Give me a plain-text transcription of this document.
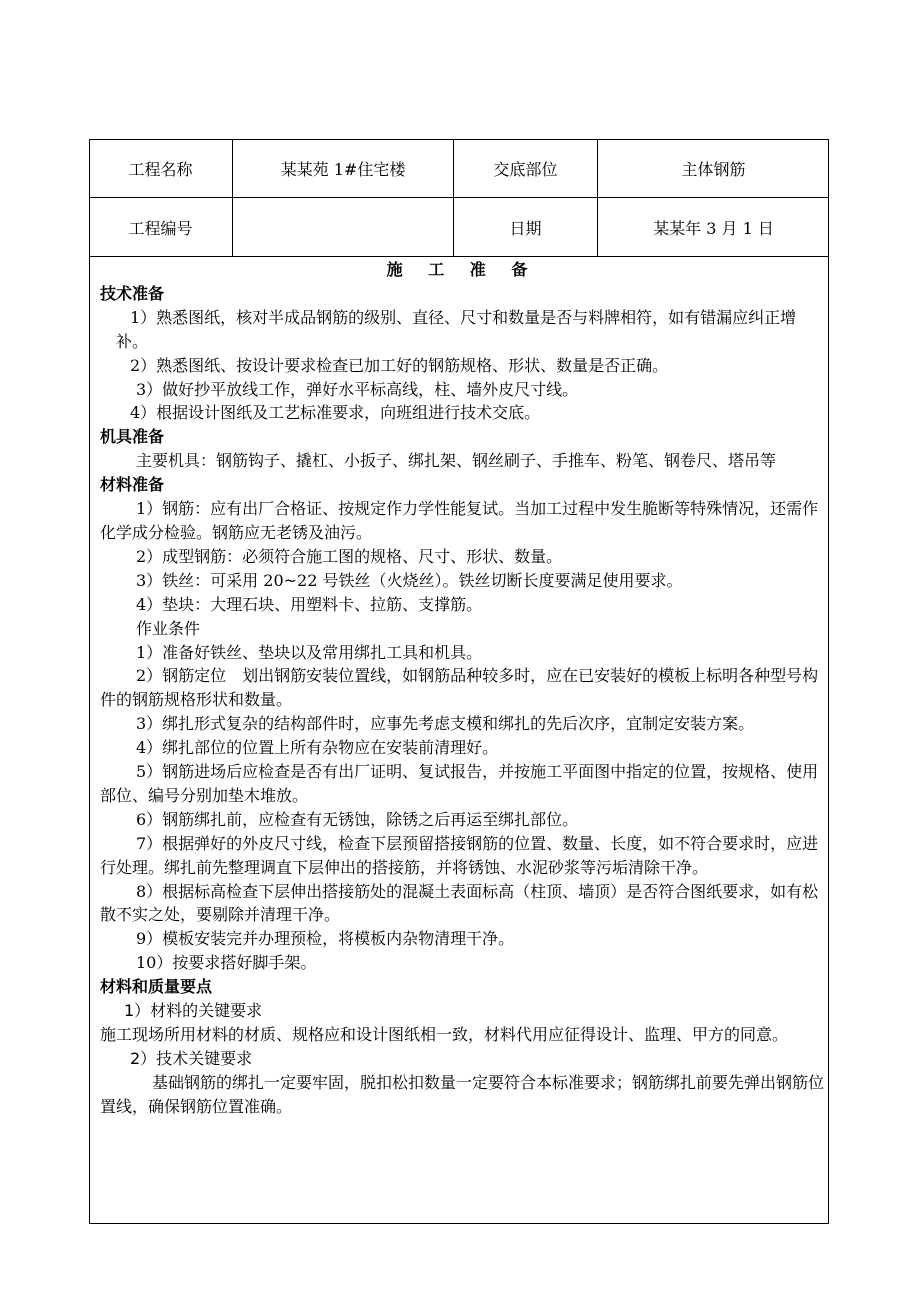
工程名称	某某苑 1#住宅楼	交底部位	主体钢筋
工程编号		日期	某某年 3 月 1 日
施 工 准 备
技术准备

1）熟悉图纸，核对半成品钢筋的级别、直径、尺寸和数量是否与料牌相符，如有错漏应纠正增补。

2）熟悉图纸、按设计要求检查已加工好的钢筋规格、形状、数量是否正确。

3）做好抄平放线工作，弹好水平标高线，柱、墙外皮尺寸线。

4）根据设计图纸及工艺标准要求，向班组进行技术交底。

机具准备

主要机具：钢筋钩子、撬杠、小扳子、绑扎架、钢丝刷子、手推车、粉笔、钢卷尺、塔吊等

材料准备

1）钢筋：应有出厂合格证、按规定作力学性能复试。当加工过程中发生脆断等特殊情况，还需作化学成分检验。钢筋应无老锈及油污。

2）成型钢筋：必须符合施工图的规格、尺寸、形状、数量。

3）铁丝：可采用 20~22 号铁丝（火烧丝）。铁丝切断长度要满足使用要求。

4）垫块：大理石块、用塑料卡、拉筋、支撑筋。

作业条件

1）准备好铁丝、垫块以及常用绑扎工具和机具。

2）钢筋定位　划出钢筋安装位置线，如钢筋品种较多时，应在已安装好的模板上标明各种型号构件的钢筋规格形状和数量。

3）绑扎形式复杂的结构部件时，应事先考虑支模和绑扎的先后次序，宜制定安装方案。

4）绑扎部位的位置上所有杂物应在安装前清理好。

5）钢筋进场后应检查是否有出厂证明、复试报告，并按施工平面图中指定的位置，按规格、使用部位、编号分别加垫木堆放。

6）钢筋绑扎前，应检查有无锈蚀，除锈之后再运至绑扎部位。

7）根据弹好的外皮尺寸线，检查下层预留搭接钢筋的位置、数量、长度，如不符合要求时，应进行处理。绑扎前先整理调直下层伸出的搭接筋，并将锈蚀、水泥砂浆等污垢清除干净。

8）根据标高检查下层伸出搭接筋处的混凝土表面标高（柱顶、墙顶）是否符合图纸要求，如有松散不实之处，要剔除并清理干净。

9）模板安装完并办理预检，将模板内杂物清理干净。

10）按要求搭好脚手架。

材料和质量要点

1）材料的关键要求

施工现场所用材料的材质、规格应和设计图纸相一致，材料代用应征得设计、监理、甲方的同意。

2）技术关键要求

基础钢筋的绑扎一定要牢固，脱扣松扣数量一定要符合本标准要求；钢筋绑扎前要先弹出钢筋位置线，确保钢筋位置准确。
